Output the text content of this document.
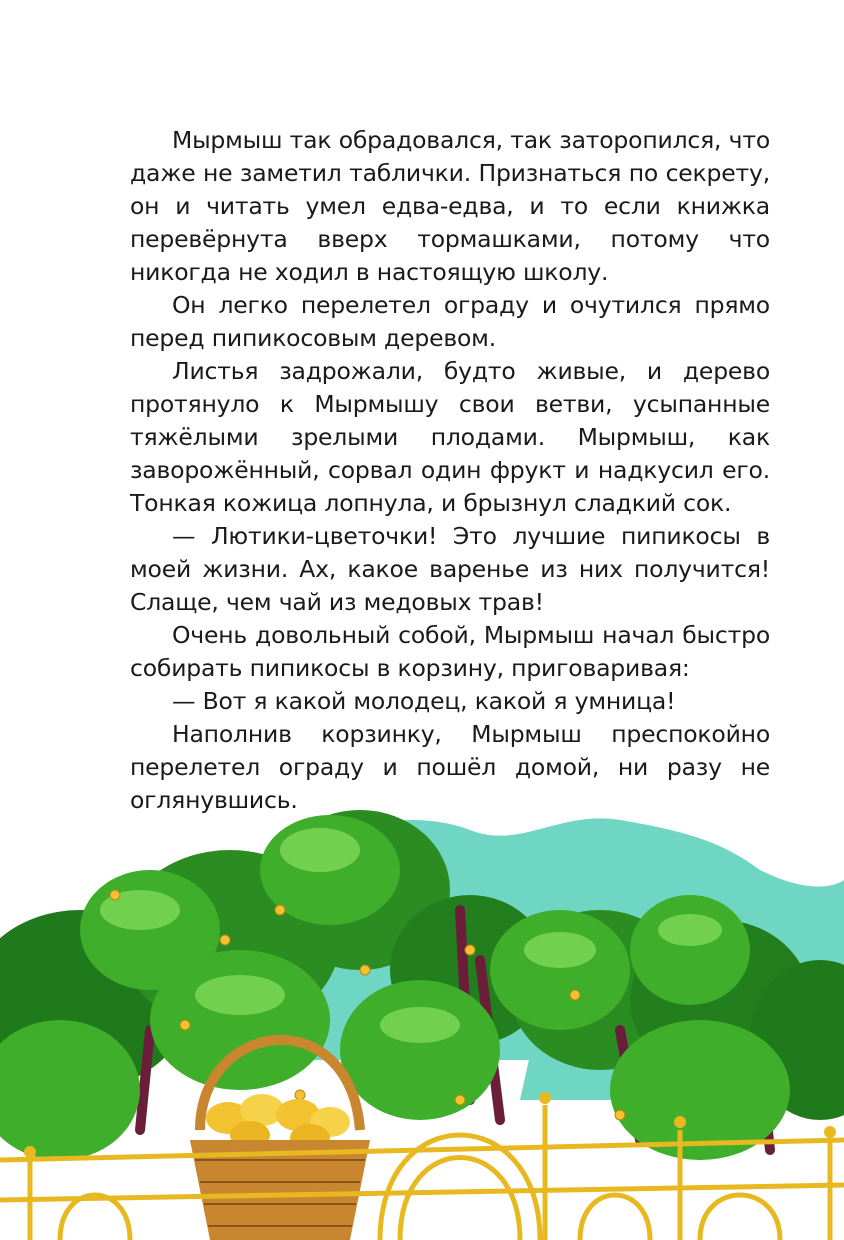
Мырмыш так обрадовался, так заторопился, что даже не заметил таблички. Признаться по секрету, он и читать умел едва-едва, и то если книжка перевёрнута вверх тормашками, потому что никогда не ходил в настоящую школу.

Он легко перелетел ограду и очутился прямо перед пипикосовым деревом.

Листья задрожали, будто живые, и дерево протянуло к Мырмышу свои ветви, усыпанные тяжёлыми зрелыми плодами. Мырмыш, как заворожённый, сорвал один фрукт и надкусил его. Тонкая кожица лопнула, и брызнул сладкий сок.

— Лютики-цветочки! Это лучшие пипикосы в моей жизни. Ах, какое варенье из них получится! Слаще, чем чай из медовых трав!

Очень довольный собой, Мырмыш начал быстро собирать пипикосы в корзину, приговаривая:

— Вот я какой молодец, какой я умница!

Наполнив корзинку, Мырмыш преспокойно перелетел ограду и пошёл домой, ни разу не оглянувшись.
